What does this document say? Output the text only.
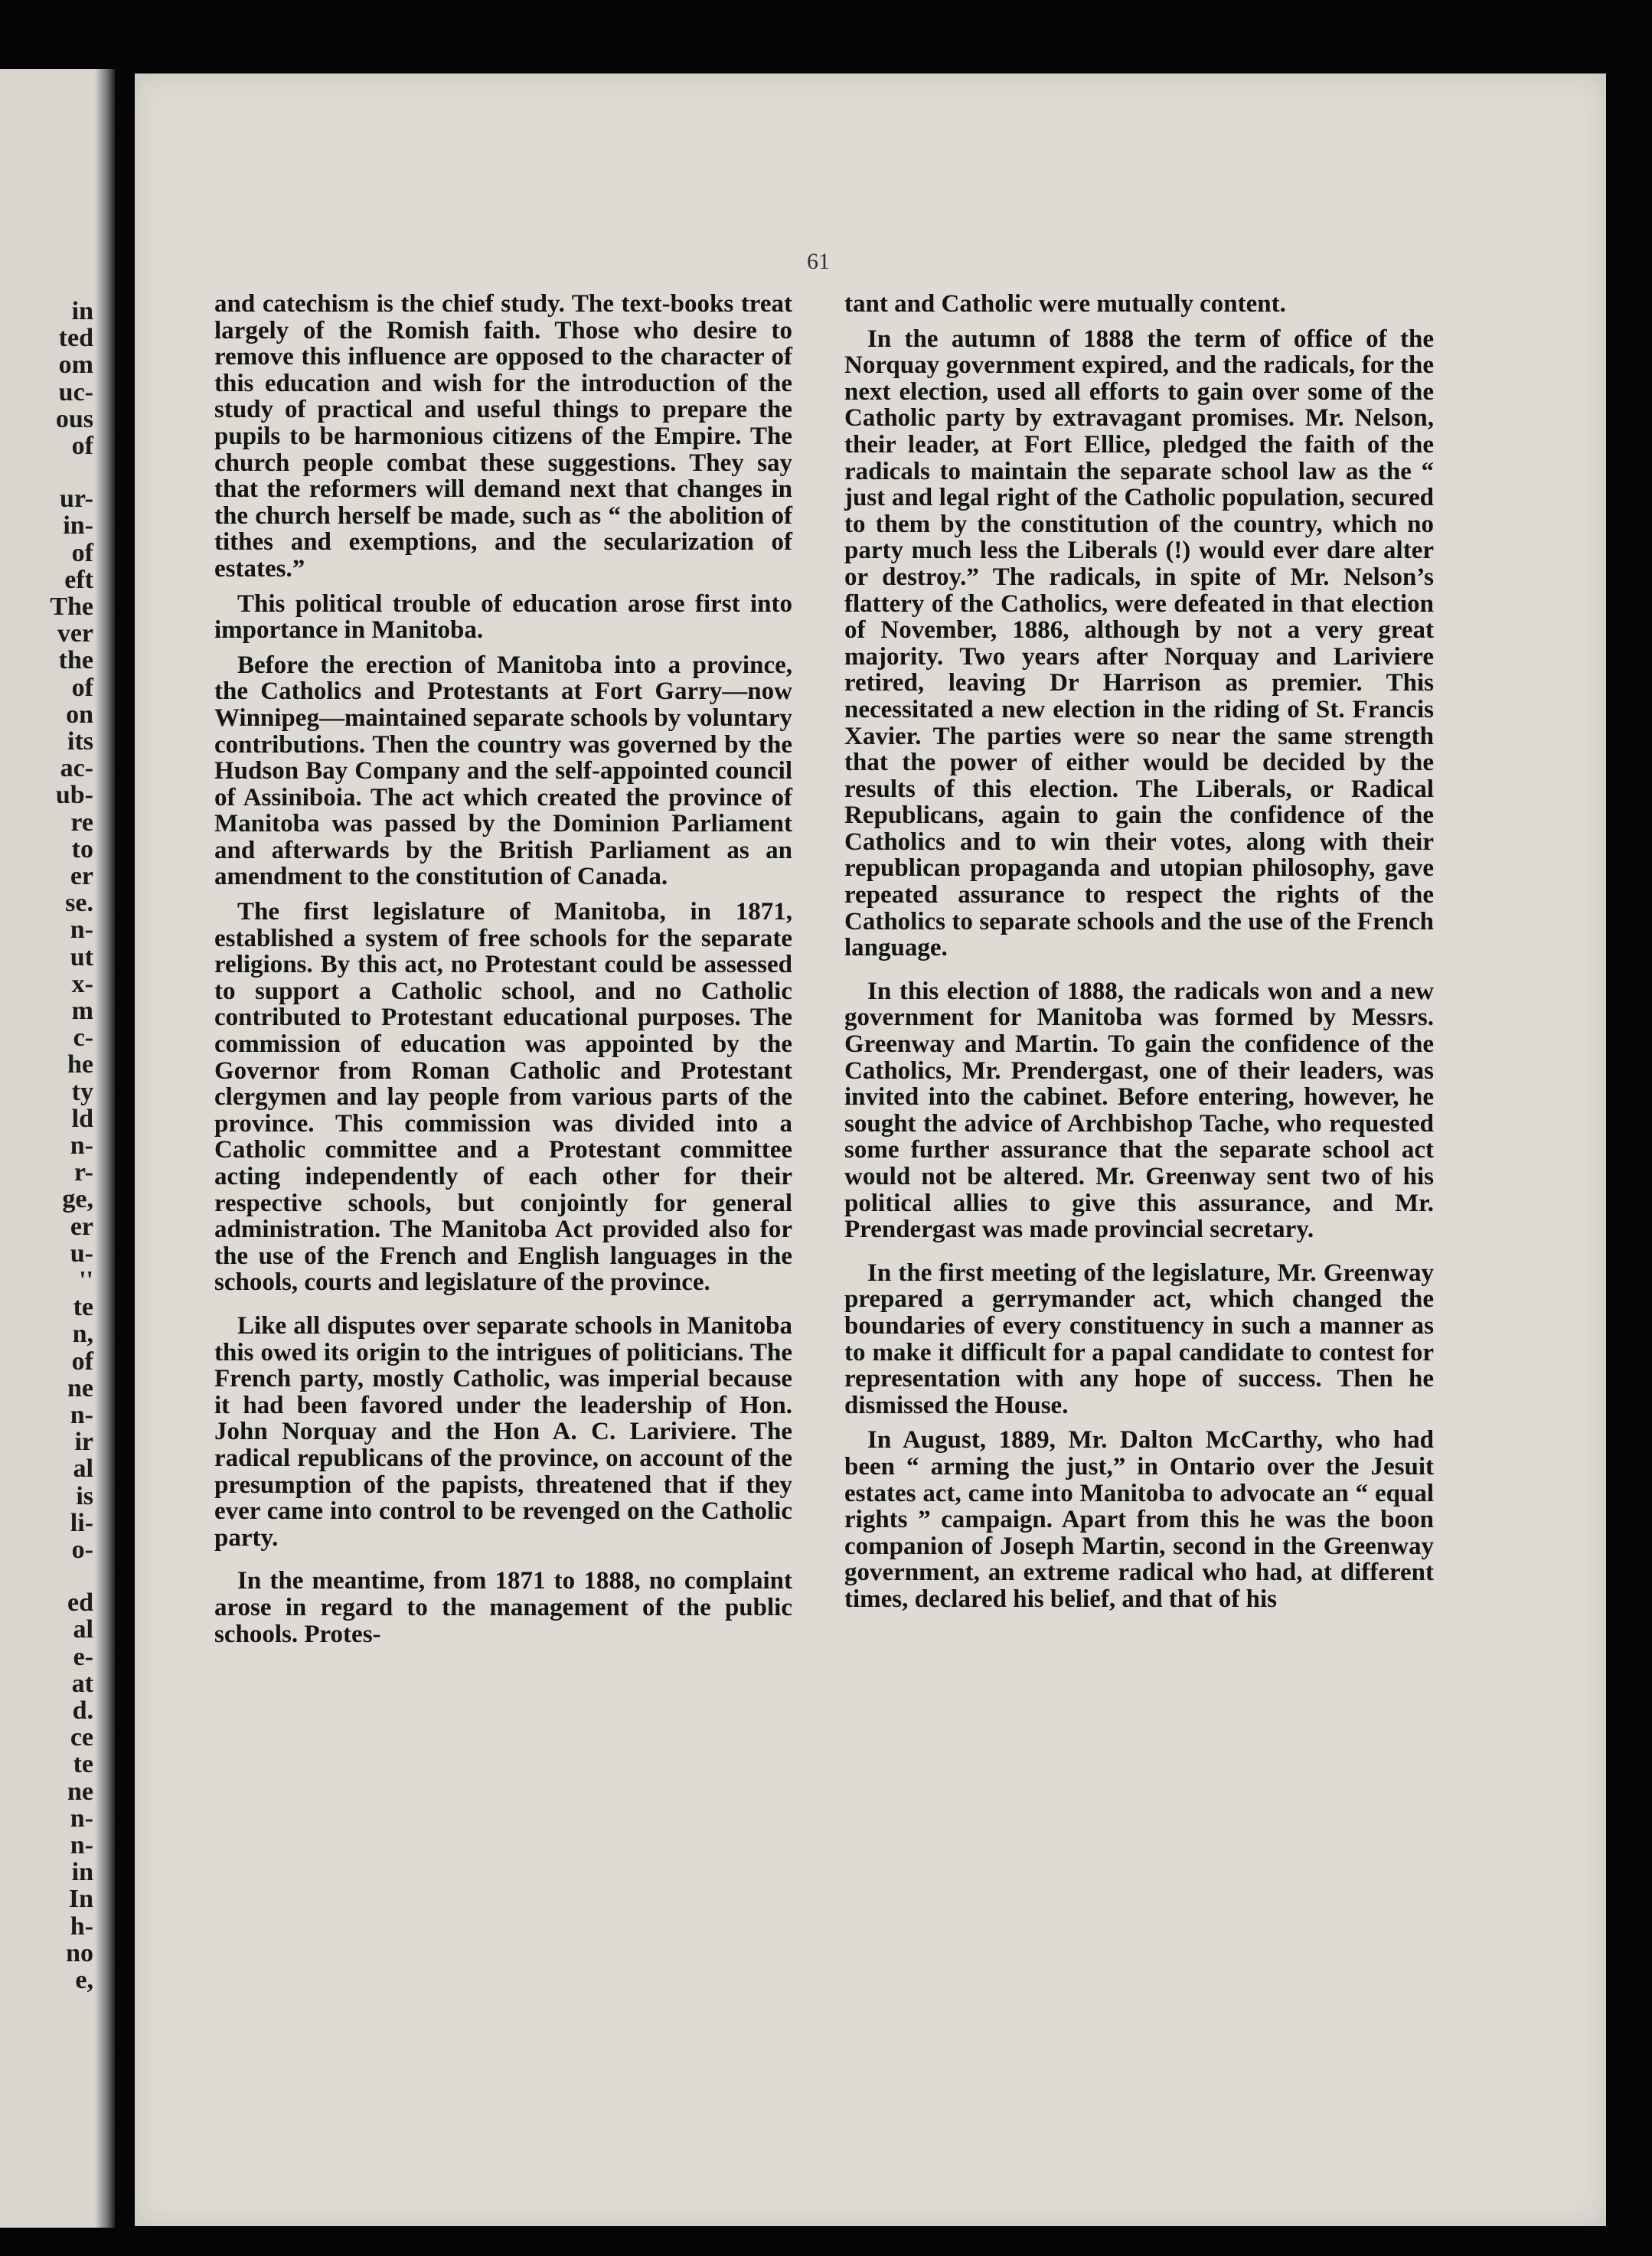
in
ted
om
uc-
ous
of
ur-
in-
of
eft
The
ver
the
of
on
its
ac-
ub-
re
to
er
se.
n-
ut
x-
m
c-
he
ty
ld
n-
r-
ge,
er
u-
''
te
n,
of
ne
n-
ir
al
is
li-
o-
ed
al
e-
at
d.
ce
te
ne
n-
n-
in
In
h-
no
e,
61

and catechism is the chief study. The text-books treat largely of the Romish faith. Those who desire to remove this influence are opposed to the character of this education and wish for the introduction of the study of practical and useful things to prepare the pupils to be harmonious citizens of the Empire. The church people combat these suggestions. They say that the reformers will demand next that changes in the church herself be made, such as “ the abolition of tithes and exemptions, and the secularization of estates.”

This political trouble of education arose first into importance in Manitoba.

Before the erection of Manitoba into a province, the Catholics and Protestants at Fort Garry—now Winnipeg—maintained separate schools by voluntary contributions. Then the country was governed by the Hudson Bay Company and the self-appointed council of Assiniboia. The act which created the province of Manitoba was passed by the Dominion Parliament and afterwards by the British Parliament as an amendment to the constitution of Canada.

The first legislature of Manitoba, in 1871, established a system of free schools for the separate religions. By this act, no Protestant could be assessed to support a Catholic school, and no Catholic contributed to Protestant educational purposes. The commission of education was appointed by the Governor from Roman Catholic and Protestant clergymen and lay people from various parts of the province. This commission was divided into a Catholic committee and a Protestant committee acting independently of each other for their respective schools, but conjointly for general administration. The Manitoba Act provided also for the use of the French and English languages in the schools, courts and legislature of the province.

Like all disputes over separate schools in Manitoba this owed its origin to the intrigues of politicians. The French party, mostly Catholic, was imperial because it had been favored under the leadership of Hon. John Norquay and the Hon A. C. Lariviere. The radical republicans of the province, on account of the presumption of the papists, threatened that if they ever came into control to be revenged on the Catholic party.

In the meantime, from 1871 to 1888, no complaint arose in regard to the management of the public schools. Protes-

tant and Catholic were mutually content.

In the autumn of 1888 the term of office of the Norquay government expired, and the radicals, for the next election, used all efforts to gain over some of the Catholic party by extravagant promises. Mr. Nelson, their leader, at Fort Ellice, pledged the faith of the radicals to maintain the separate school law as the “ just and legal right of the Catholic population, secured to them by the constitution of the country, which no party much less the Liberals (!) would ever dare alter or destroy.” The radicals, in spite of Mr. Nelson’s flattery of the Catholics, were defeated in that election of November, 1886, although by not a very great majority. Two years after Norquay and Lariviere retired, leaving Dr Harrison as premier. This necessitated a new election in the riding of St. Francis Xavier. The parties were so near the same strength that the power of either would be decided by the results of this election. The Liberals, or Radical Republicans, again to gain the confidence of the Catholics and to win their votes, along with their republican propaganda and utopian philosophy, gave repeated assurance to respect the rights of the Catholics to separate schools and the use of the French language.

In this election of 1888, the radicals won and a new government for Manitoba was formed by Messrs. Greenway and Martin. To gain the confidence of the Catholics, Mr. Prendergast, one of their leaders, was invited into the cabinet. Before entering, however, he sought the advice of Archbishop Tache, who requested some further assurance that the separate school act would not be altered. Mr. Greenway sent two of his political allies to give this assurance, and Mr. Prendergast was made provincial secretary.

In the first meeting of the legislature, Mr. Greenway prepared a gerrymander act, which changed the boundaries of every constituency in such a manner as to make it difficult for a papal candidate to contest for representation with any hope of success. Then he dismissed the House.

In August, 1889, Mr. Dalton McCarthy, who had been “ arming the just,” in Ontario over the Jesuit estates act, came into Manitoba to advocate an “ equal rights ” campaign. Apart from this he was the boon companion of Joseph Martin, second in the Greenway government, an extreme radical who had, at different times, declared his belief, and that of his
